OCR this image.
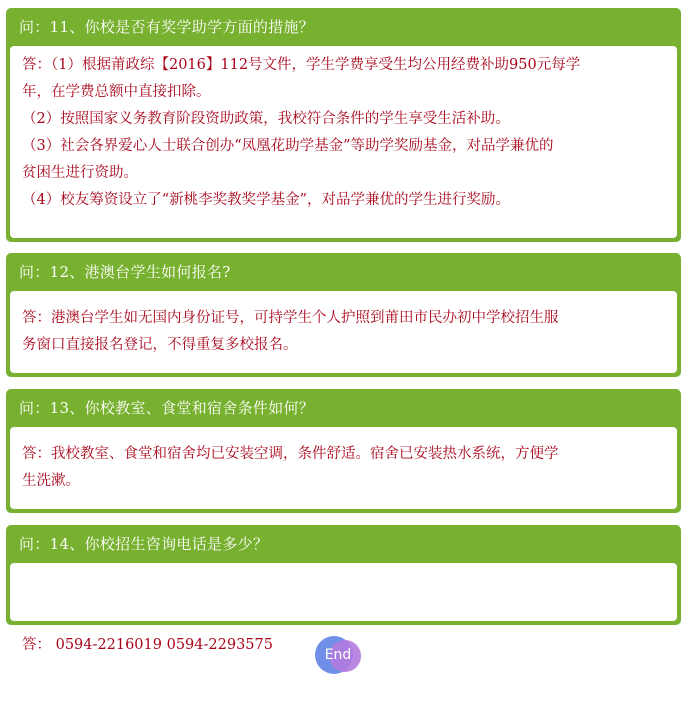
问：11、你校是否有奖学助学方面的措施？

答：（1）根据莆政综【2016】112号文件，学生学费享受生均公用经费补助950元每学

年，在学费总额中直接扣除。

（2）按照国家义务教育阶段资助政策，我校符合条件的学生享受生活补助。

（3）社会各界爱心人士联合创办“凤凰花助学基金”等助学奖励基金，对品学兼优的

贫困生进行资助。

（4）校友筹资设立了“新桃李奖教奖学基金”，对品学兼优的学生进行奖励。

问：12、港澳台学生如何报名?

答：港澳台学生如无国内身份证号，可持学生个人护照到莆田市民办初中学校招生服

务窗口直接报名登记，不得重复多校报名。

问：13、你校教室、食堂和宿舍条件如何？

答：我校教室、食堂和宿舍均已安装空调，条件舒适。宿舍已安装热水系统，方便学

生洗漱。

问：14、你校招生咨询电话是多少？

答： 0594-2216019 0594-2293575

End
